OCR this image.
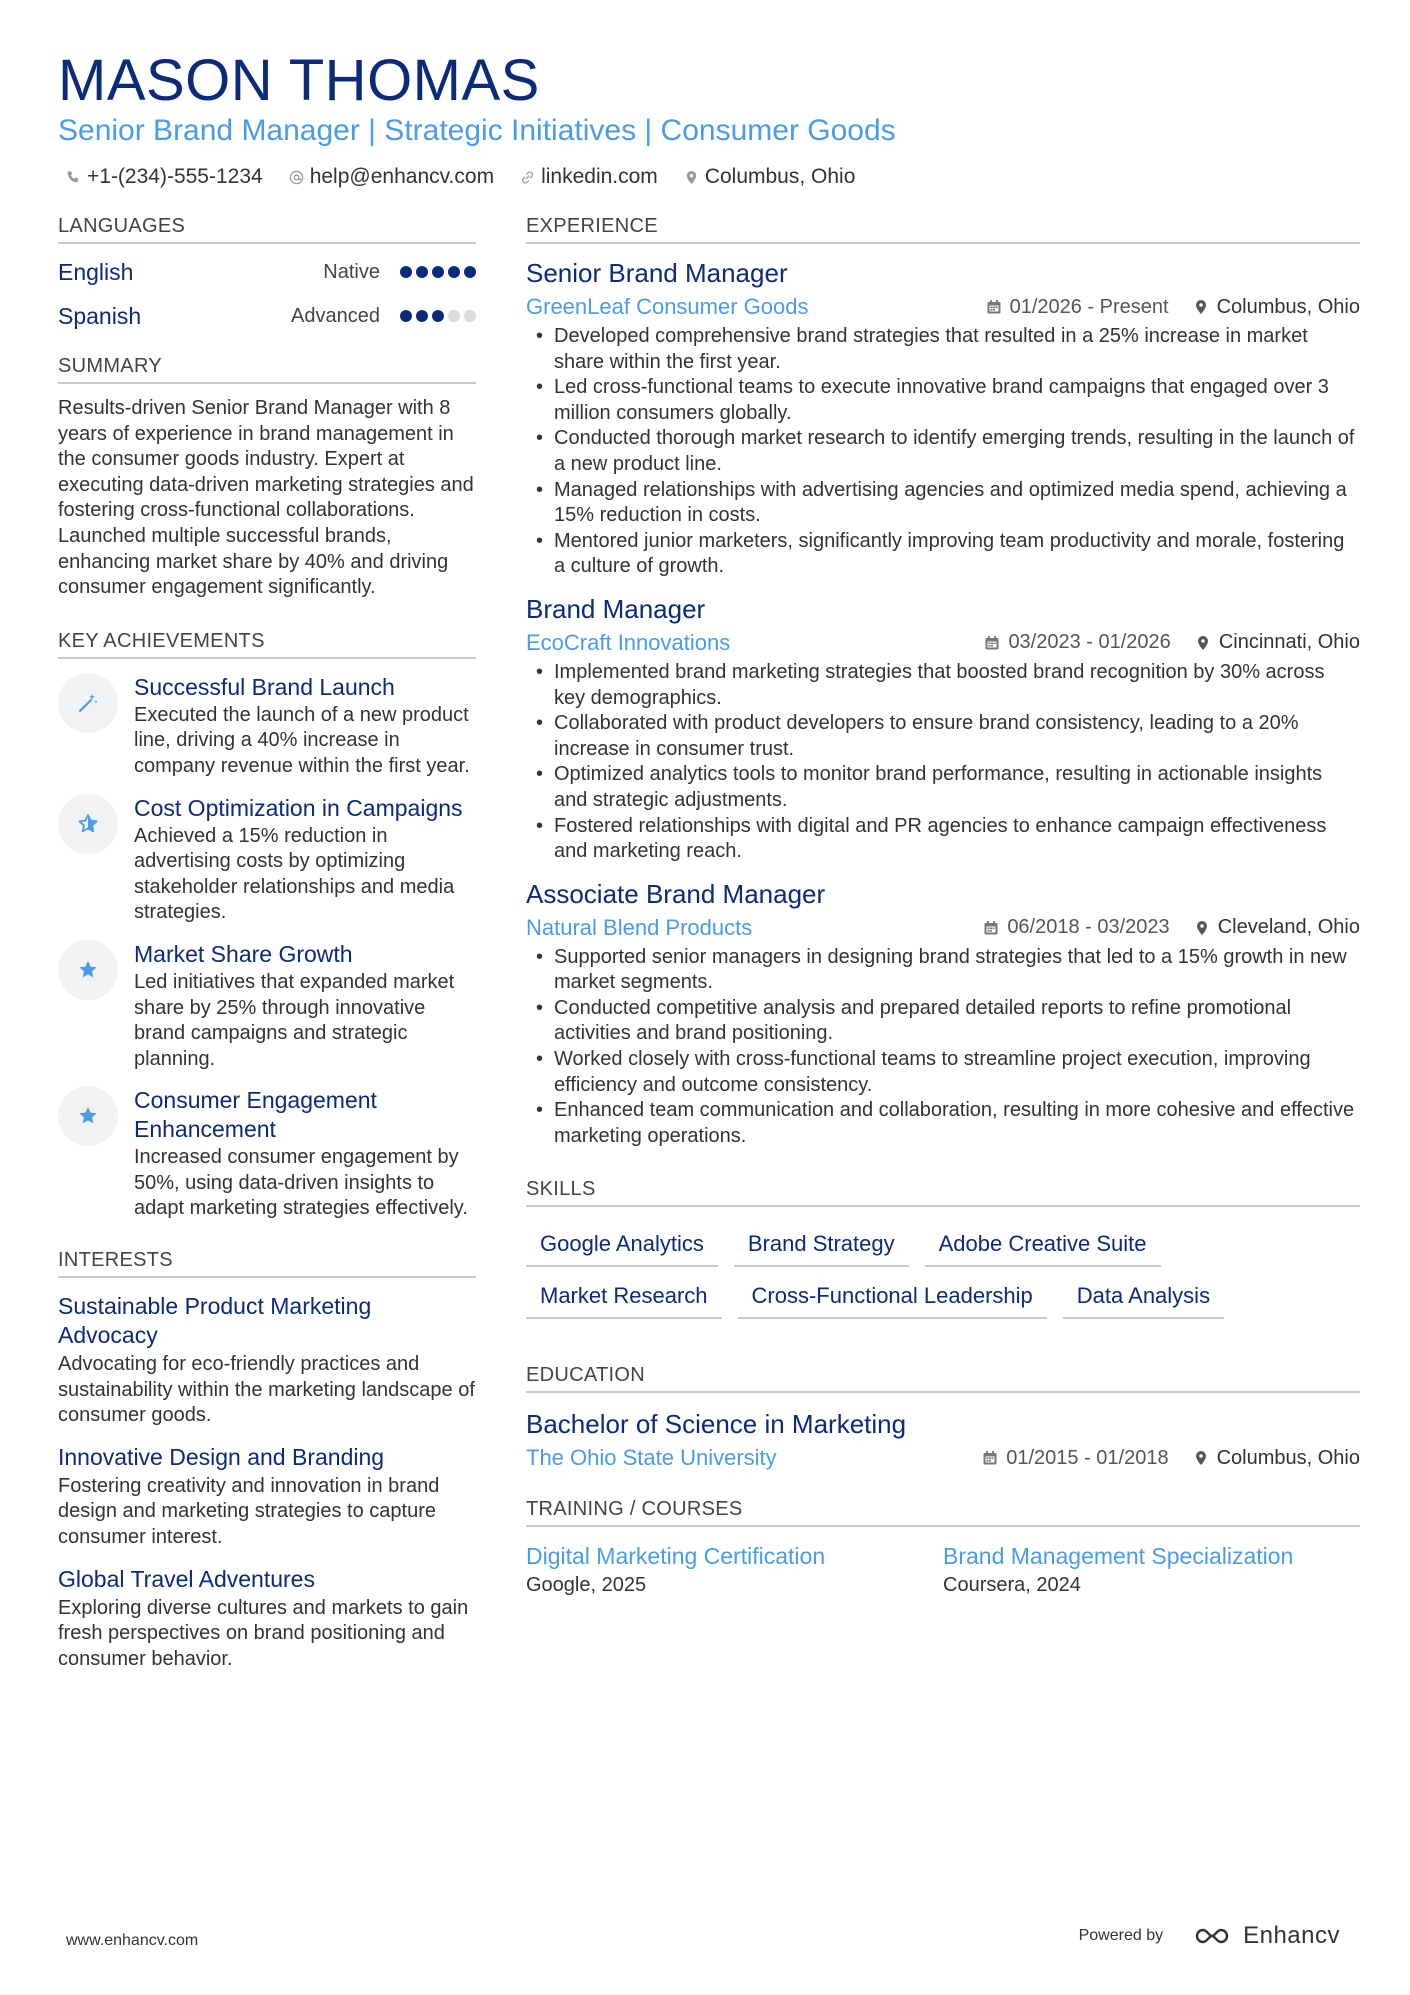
MASON THOMAS
Senior Brand Manager | Strategic Initiatives | Consumer Goods
+1-(234)-555-1234 help@enhancv.com linkedin.com Columbus, Ohio
LANGUAGES
English	Native
Spanish	Advanced
SUMMARY
Results-driven Senior Brand Manager with 8 years of experience in brand management in the consumer goods industry. Expert at executing data-driven marketing strategies and fostering cross-functional collaborations. Launched multiple successful brands, enhancing market share by 40% and driving consumer engagement significantly.
KEY ACHIEVEMENTS
Successful Brand Launch
Executed the launch of a new product line, driving a 40% increase in company revenue within the first year.
Cost Optimization in Campaigns
Achieved a 15% reduction in advertising costs by optimizing stakeholder relationships and media strategies.
Market Share Growth
Led initiatives that expanded market share by 25% through innovative brand campaigns and strategic planning.
Consumer Engagement Enhancement
Increased consumer engagement by 50%, using data-driven insights to adapt marketing strategies effectively.
INTERESTS
Sustainable Product Marketing Advocacy
Advocating for eco-friendly practices and sustainability within the marketing landscape of consumer goods.
Innovative Design and Branding
Fostering creativity and innovation in brand design and marketing strategies to capture consumer interest.
Global Travel Adventures
Exploring diverse cultures and markets to gain fresh perspectives on brand positioning and consumer behavior.
EXPERIENCE
Senior Brand Manager
GreenLeaf Consumer Goods	01/2026 - Present Columbus, Ohio
• Developed comprehensive brand strategies that resulted in a 25% increase in market share within the first year.
• Led cross-functional teams to execute innovative brand campaigns that engaged over 3 million consumers globally.
• Conducted thorough market research to identify emerging trends, resulting in the launch of a new product line.
• Managed relationships with advertising agencies and optimized media spend, achieving a 15% reduction in costs.
• Mentored junior marketers, significantly improving team productivity and morale, fostering a culture of growth.
Brand Manager
EcoCraft Innovations	03/2023 - 01/2026 Cincinnati, Ohio
• Implemented brand marketing strategies that boosted brand recognition by 30% across key demographics.
• Collaborated with product developers to ensure brand consistency, leading to a 20% increase in consumer trust.
• Optimized analytics tools to monitor brand performance, resulting in actionable insights and strategic adjustments.
• Fostered relationships with digital and PR agencies to enhance campaign effectiveness and marketing reach.
Associate Brand Manager
Natural Blend Products	06/2018 - 03/2023 Cleveland, Ohio
• Supported senior managers in designing brand strategies that led to a 15% growth in new market segments.
• Conducted competitive analysis and prepared detailed reports to refine promotional activities and brand positioning.
• Worked closely with cross-functional teams to streamline project execution, improving efficiency and outcome consistency.
• Enhanced team communication and collaboration, resulting in more cohesive and effective marketing operations.
SKILLS
Google Analytics	Brand Strategy	Adobe Creative Suite
Market Research	Cross-Functional Leadership	Data Analysis
EDUCATION
Bachelor of Science in Marketing
The Ohio State University	01/2015 - 01/2018 Columbus, Ohio
TRAINING / COURSES
Digital Marketing Certification
Google, 2025
Brand Management Specialization
Coursera, 2024
www.enhancv.com	Powered by	Enhancv
